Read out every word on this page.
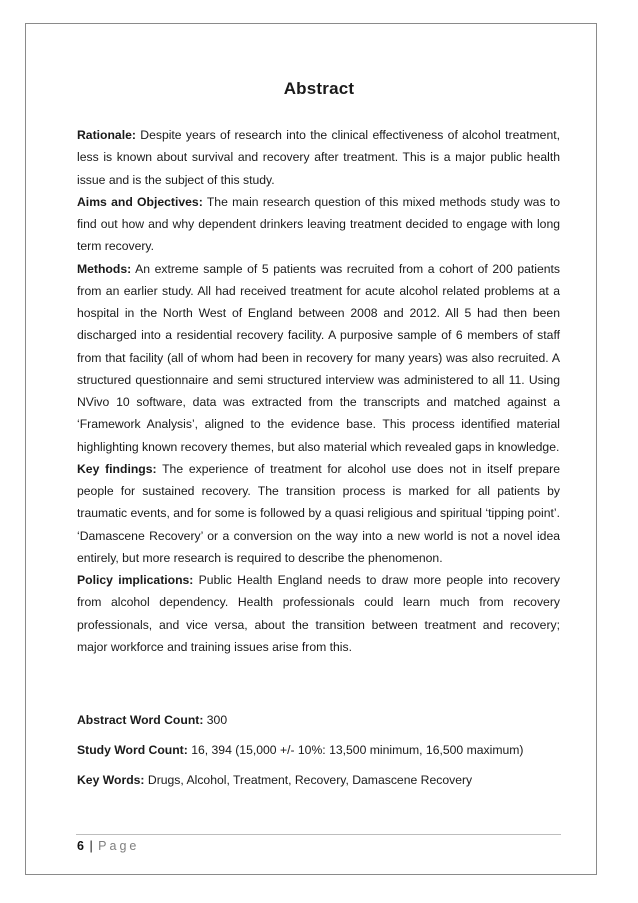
Abstract

Rationale: Despite years of research into the clinical effectiveness of alcohol treatment, less is known about survival and recovery after treatment. This is a major public health issue and is the subject of this study.

Aims and Objectives: The main research question of this mixed methods study was to find out how and why dependent drinkers leaving treatment decided to engage with long term recovery.

Methods: An extreme sample of 5 patients was recruited from a cohort of 200 patients from an earlier study. All had received treatment for acute alcohol related problems at a hospital in the North West of England between 2008 and 2012. All 5 had then been discharged into a residential recovery facility. A purposive sample of 6 members of staff from that facility (all of whom had been in recovery for many years) was also recruited. A structured questionnaire and semi structured interview was administered to all 11. Using NVivo 10 software, data was extracted from the transcripts and matched against a ‘Framework Analysis’, aligned to the evidence base. This process identified material highlighting known recovery themes, but also material which revealed gaps in knowledge.

Key findings: The experience of treatment for alcohol use does not in itself prepare people for sustained recovery. The transition process is marked for all patients by traumatic events, and for some is followed by a quasi religious and spiritual ‘tipping point’. ‘Damascene Recovery’ or a conversion on the way into a new world is not a novel idea entirely, but more research is required to describe the phenomenon.

Policy implications: Public Health England needs to draw more people into recovery from alcohol dependency. Health professionals could learn much from recovery professionals, and vice versa, about the transition between treatment and recovery; major workforce and training issues arise from this.

Abstract Word Count: 300
Study Word Count: 16, 394 (15,000 +/- 10%: 13,500 minimum, 16,500 maximum)
Key Words: Drugs, Alcohol, Treatment, Recovery, Damascene Recovery
6 | Page
